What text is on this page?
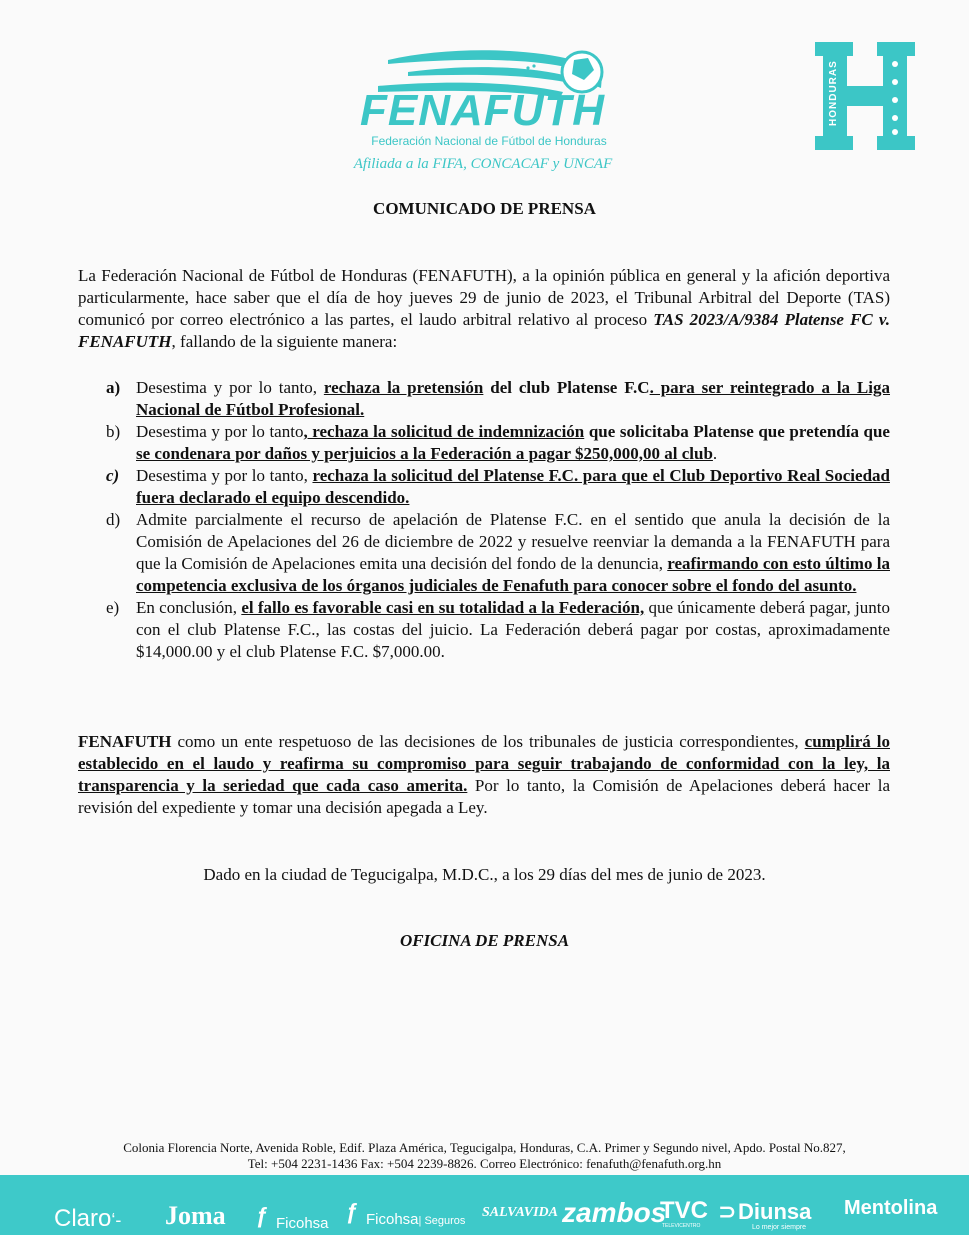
FENAFUTH
Federación Nacional de Fútbol de Honduras
Afiliada a la FIFA, CONCACAF y UNCAF
HONDURAS
COMUNICADO DE PRENSA
La Federación Nacional de Fútbol de Honduras (FENAFUTH), a la opinión pública en general y la afición deportiva particularmente, hace saber que el día de hoy jueves 29 de junio de 2023, el Tribunal Arbitral del Deporte (TAS) comunicó por correo electrónico a las partes, el laudo arbitral relativo al proceso TAS 2023/A/9384 Platense FC v. FENAFUTH, fallando de la siguiente manera:
a) Desestima y por lo tanto, rechaza la pretensión del club Platense F.C. para ser reintegrado a la Liga Nacional de Fútbol Profesional.
b) Desestima y por lo tanto, rechaza la solicitud de indemnización que solicitaba Platense que pretendía que se condenara por daños y perjuicios a la Federación a pagar $250,000,00 al club.
c) Desestima y por lo tanto, rechaza la solicitud del Platense F.C. para que el Club Deportivo Real Sociedad fuera declarado el equipo descendido.
d) Admite parcialmente el recurso de apelación de Platense F.C. en el sentido que anula la decisión de la Comisión de Apelaciones del 26 de diciembre de 2022 y resuelve reenviar la demanda a la FENAFUTH para que la Comisión de Apelaciones emita una decisión del fondo de la denuncia, reafirmando con esto último la competencia exclusiva de los órganos judiciales de Fenafuth para conocer sobre el fondo del asunto.
e) En conclusión, el fallo es favorable casi en su totalidad a la Federación, que únicamente deberá pagar, junto con el club Platense F.C., las costas del juicio. La Federación deberá pagar por costas, aproximadamente $14,000.00 y el club Platense F.C. $7,000.00.
FENAFUTH como un ente respetuoso de las decisiones de los tribunales de justicia correspondientes, cumplirá lo establecido en el laudo y reafirma su compromiso para seguir trabajando de conformidad con la ley, la transparencia y la seriedad que cada caso amerita. Por lo tanto, la Comisión de Apelaciones deberá hacer la revisión del expediente y tomar una decisión apegada a Ley.
Dado en la ciudad de Tegucigalpa, M.D.C., a los 29 días del mes de junio de 2023.
OFICINA DE PRENSA
Colonia Florencia Norte, Avenida Roble, Edif. Plaza América, Tegucigalpa, Honduras, C.A. Primer y Segundo nivel, Apdo. Postal No.827,
Tel: +504 2231-1436 Fax: +504 2239-8826. Correo Electrónico: fenafuth@fenafuth.org.hn
Claro‘- Joma ƒ Ficohsa ƒ Ficohsa| Seguros
SALVAVIDA zambos
TVC
TELEVICENTRO
⊃ Diunsa
Lo mejor siempre
Mentolina
